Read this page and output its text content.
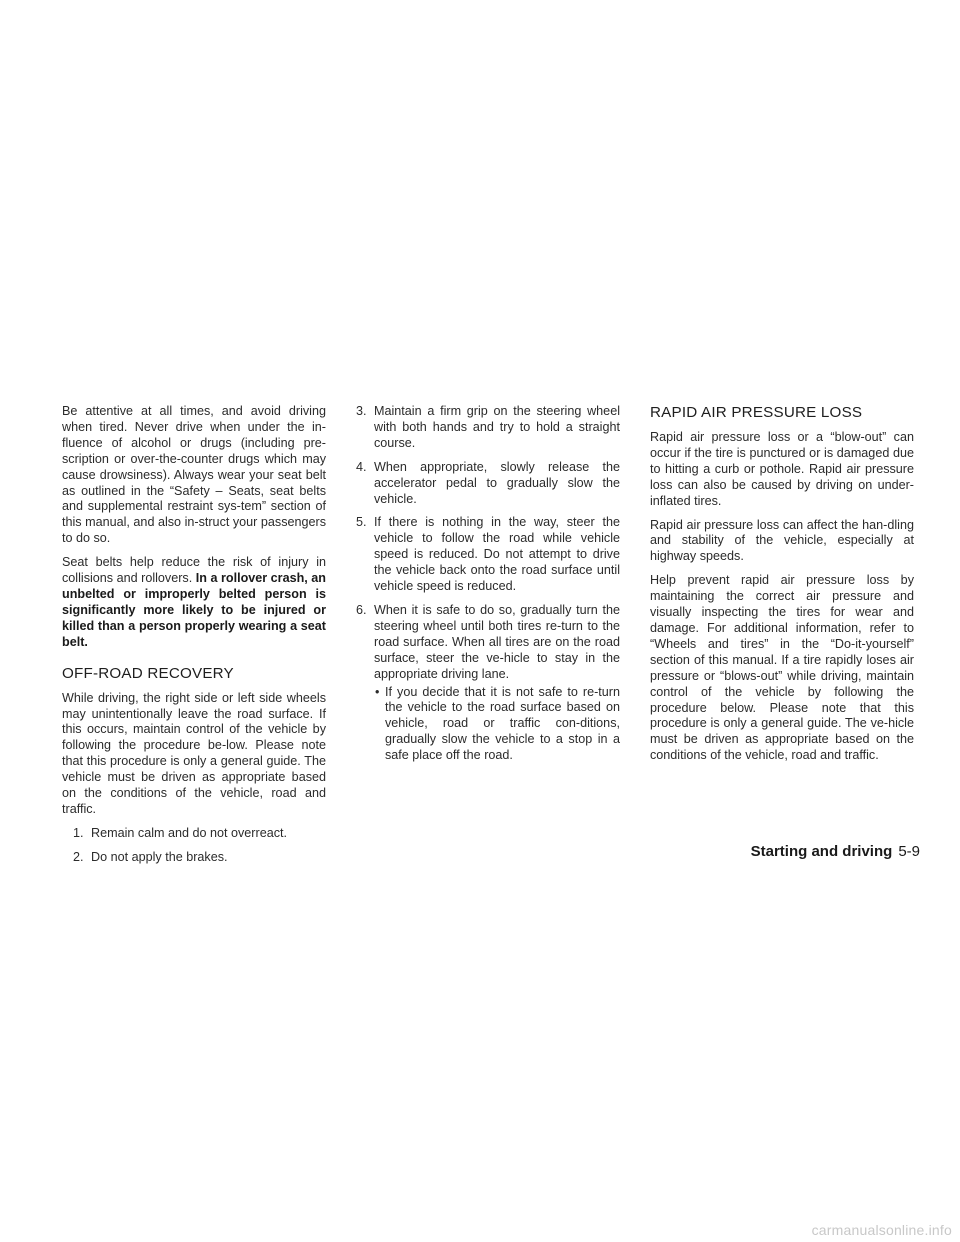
Be attentive at all times, and avoid driving when tired. Never drive when under the in-fluence of alcohol or drugs (including pre-scription or over-the-counter drugs which may cause drowsiness). Always wear your seat belt as outlined in the “Safety – Seats, seat belts and supplemental restraint sys-tem” section of this manual, and also in-struct your passengers to do so.

Seat belts help reduce the risk of injury in collisions and rollovers. In a rollover crash, an unbelted or improperly belted person is significantly more likely to be injured or killed than a person properly wearing a seat belt.

OFF-ROAD RECOVERY

While driving, the right side or left side wheels may unintentionally leave the road surface. If this occurs, maintain control of the vehicle by following the procedure be-low. Please note that this procedure is only a general guide. The vehicle must be driven as appropriate based on the conditions of the vehicle, road and traffic.

1. Remain calm and do not overreact.
2. Do not apply the brakes.
3. Maintain a firm grip on the steering wheel with both hands and try to hold a straight course.
4. When appropriate, slowly release the accelerator pedal to gradually slow the vehicle.
5. If there is nothing in the way, steer the vehicle to follow the road while vehicle speed is reduced. Do not attempt to drive the vehicle back onto the road surface until vehicle speed is reduced.
6. When it is safe to do so, gradually turn the steering wheel until both tires re-turn to the road surface. When all tires are on the road surface, steer the ve-hicle to stay in the appropriate driving lane.
• If you decide that it is not safe to re-turn the vehicle to the road surface based on vehicle, road or traffic con-ditions, gradually slow the vehicle to a stop in a safe place off the road.
RAPID AIR PRESSURE LOSS

Rapid air pressure loss or a “blow-out” can occur if the tire is punctured or is damaged due to hitting a curb or pothole. Rapid air pressure loss can also be caused by driving on under-inflated tires.

Rapid air pressure loss can affect the han-dling and stability of the vehicle, especially at highway speeds.

Help prevent rapid air pressure loss by maintaining the correct air pressure and visually inspecting the tires for wear and damage. For additional information, refer to “Wheels and tires” in the “Do-it-yourself” section of this manual. If a tire rapidly loses air pressure or “blows-out” while driving, maintain control of the vehicle by following the procedure below. Please note that this procedure is only a general guide. The ve-hicle must be driven as appropriate based on the conditions of the vehicle, road and traffic.

Starting and driving 5-9
carmanualsonline.info
